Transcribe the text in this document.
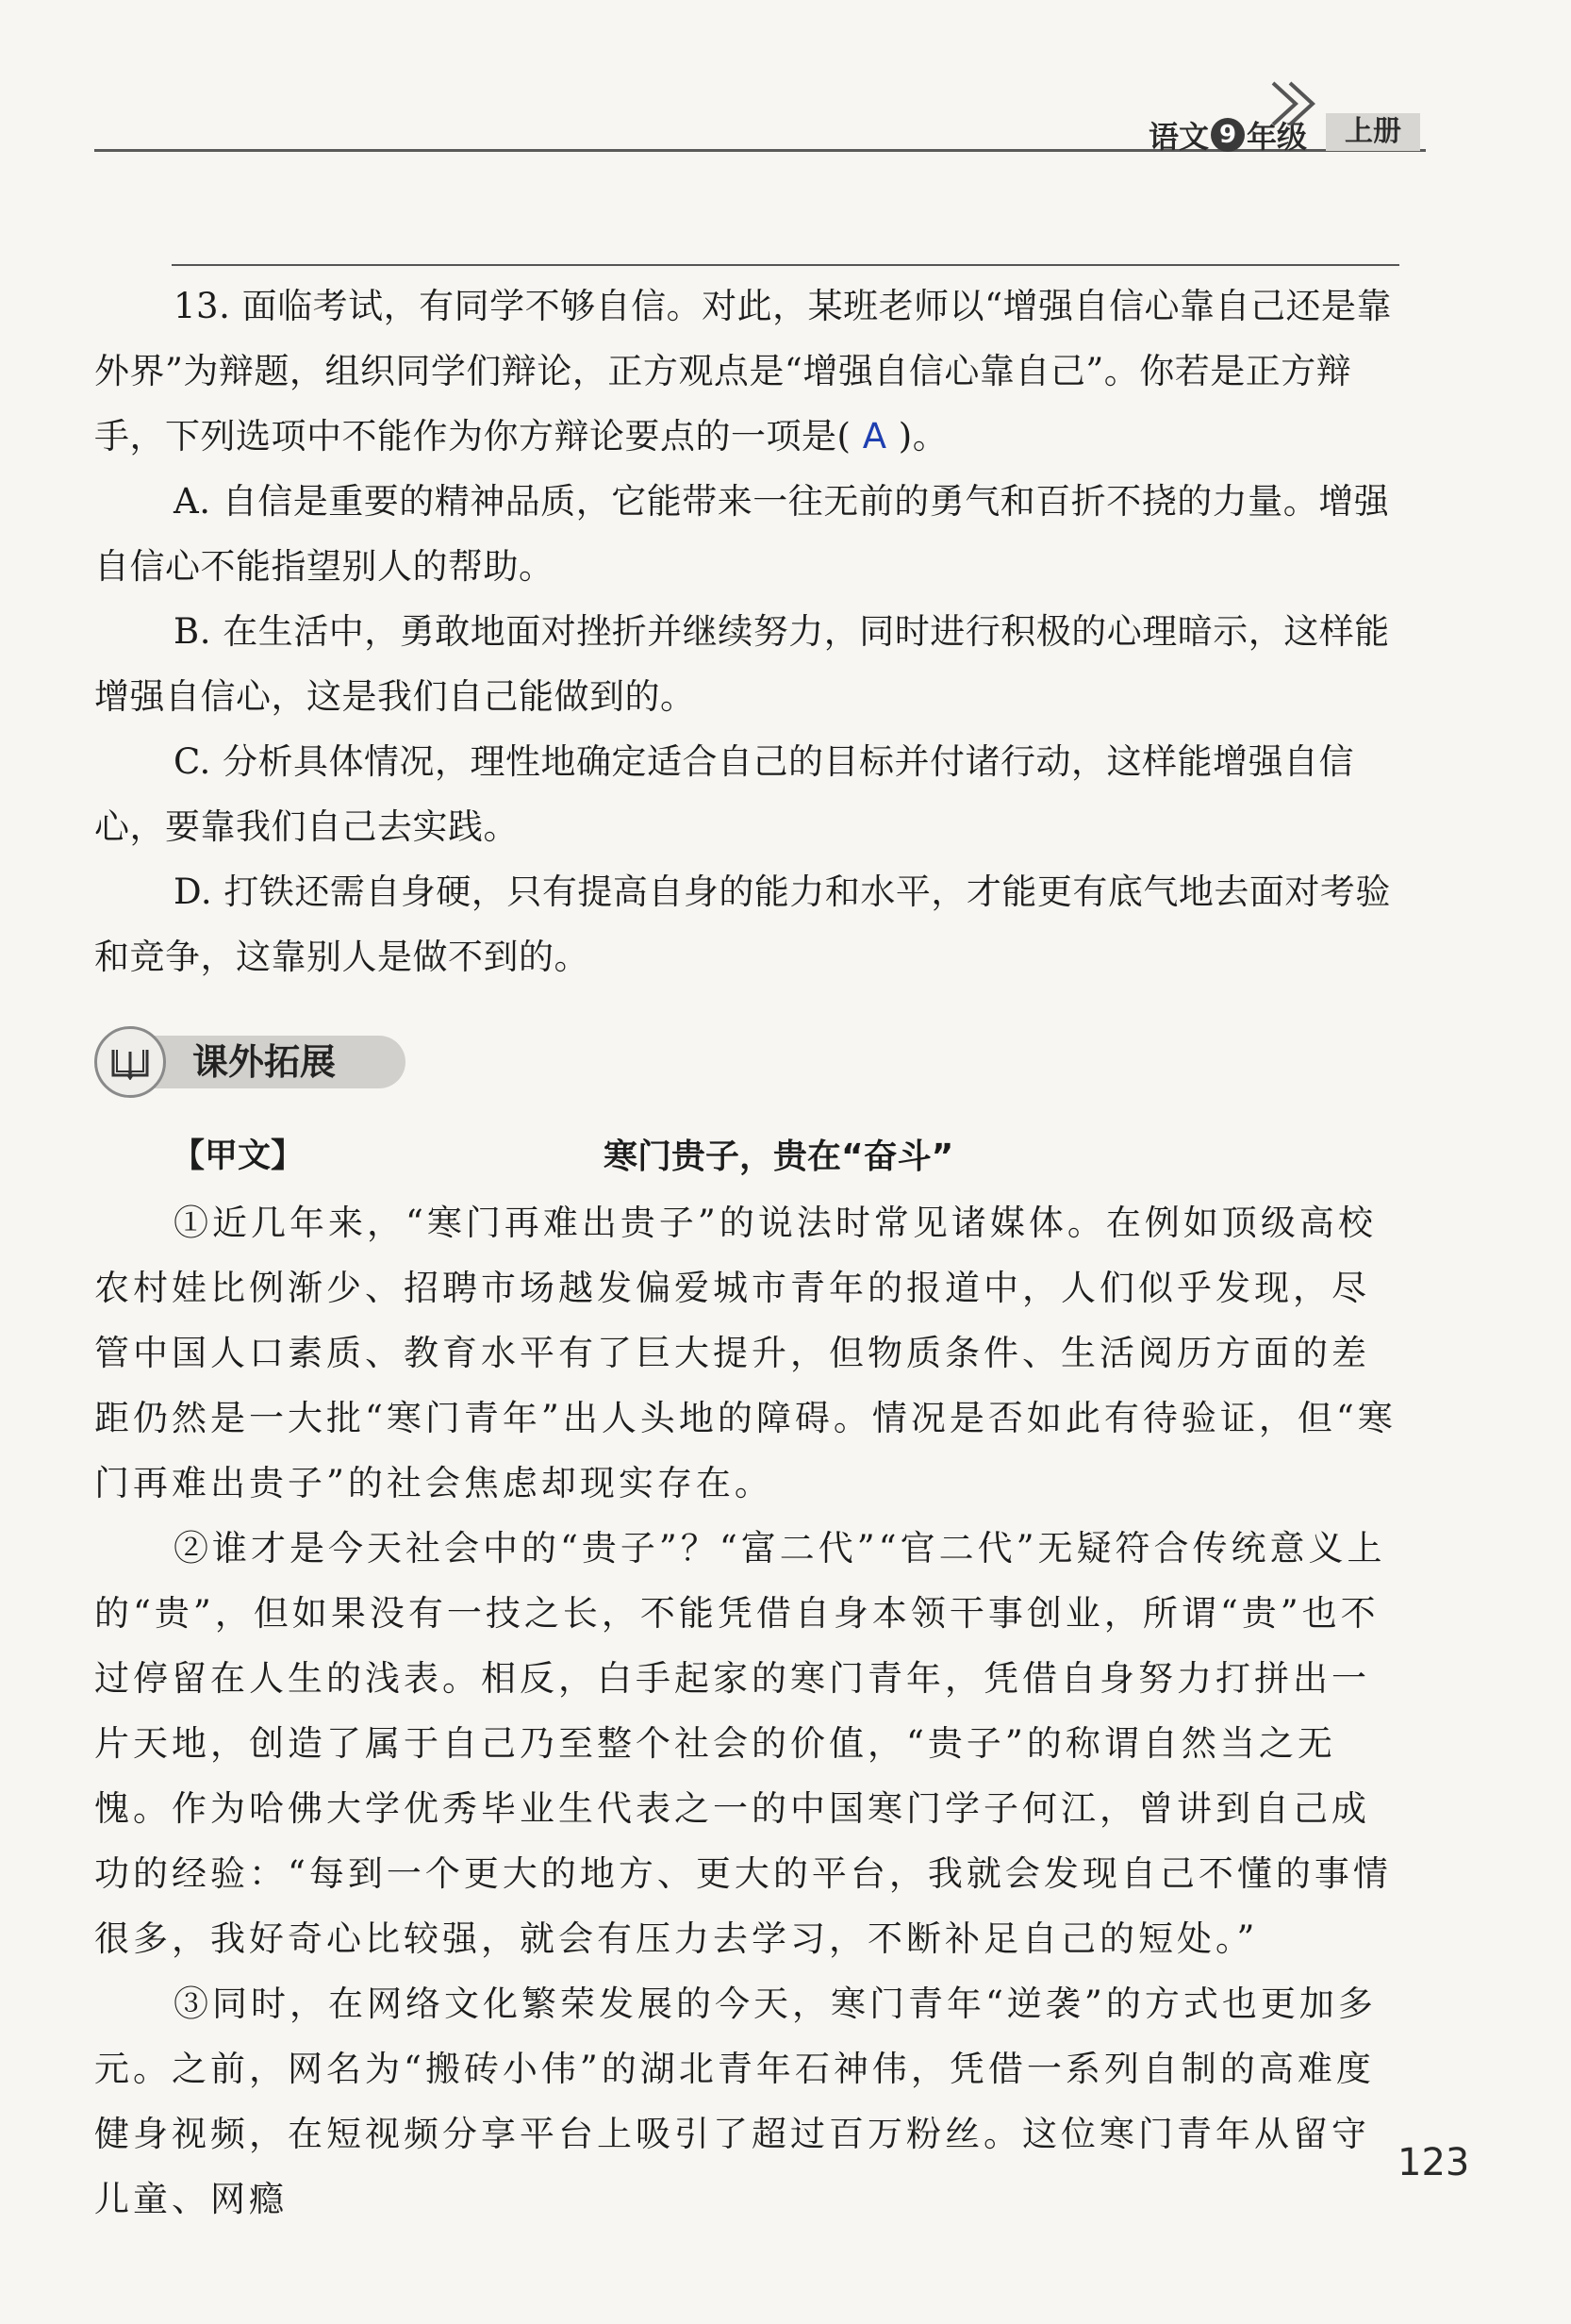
语文 9 年级	上册

13. 面临考试，有同学不够自信。对此，某班老师以“增强自信心靠自己还是靠外界”为辩题，组织同学们辩论，正方观点是“增强自信心靠自己”。你若是正方辩手，下列选项中不能作为你方辩论要点的一项是( A )。

A. 自信是重要的精神品质，它能带来一往无前的勇气和百折不挠的力量。增强自信心不能指望别人的帮助。

B. 在生活中，勇敢地面对挫折并继续努力，同时进行积极的心理暗示，这样能增强自信心，这是我们自己能做到的。

C. 分析具体情况，理性地确定适合自己的目标并付诸行动，这样能增强自信心，要靠我们自己去实践。

D. 打铁还需自身硬，只有提高自身的能力和水平，才能更有底气地去面对考验和竞争，这靠别人是做不到的。

课外拓展
【甲文】	寒门贵子，贵在“奋斗”

①近几年来，“寒门再难出贵子”的说法时常见诸媒体。在例如顶级高校农村娃比例渐少、招聘市场越发偏爱城市青年的报道中，人们似乎发现，尽管中国人口素质、教育水平有了巨大提升，但物质条件、生活阅历方面的差距仍然是一大批“寒门青年”出人头地的障碍。情况是否如此有待验证，但“寒门再难出贵子”的社会焦虑却现实存在。

②谁才是今天社会中的“贵子”？“富二代”“官二代”无疑符合传统意义上的“贵”，但如果没有一技之长，不能凭借自身本领干事创业，所谓“贵”也不过停留在人生的浅表。相反，白手起家的寒门青年，凭借自身努力打拼出一片天地，创造了属于自己乃至整个社会的价值，“贵子”的称谓自然当之无愧。作为哈佛大学优秀毕业生代表之一的中国寒门学子何江，曾讲到自己成功的经验：“每到一个更大的地方、更大的平台，我就会发现自己不懂的事情很多，我好奇心比较强，就会有压力去学习，不断补足自己的短处。”

③同时，在网络文化繁荣发展的今天，寒门青年“逆袭”的方式也更加多元。之前，网名为“搬砖小伟”的湖北青年石神伟，凭借一系列自制的高难度健身视频，在短视频分享平台上吸引了超过百万粉丝。这位寒门青年从留守儿童、网瘾

123
